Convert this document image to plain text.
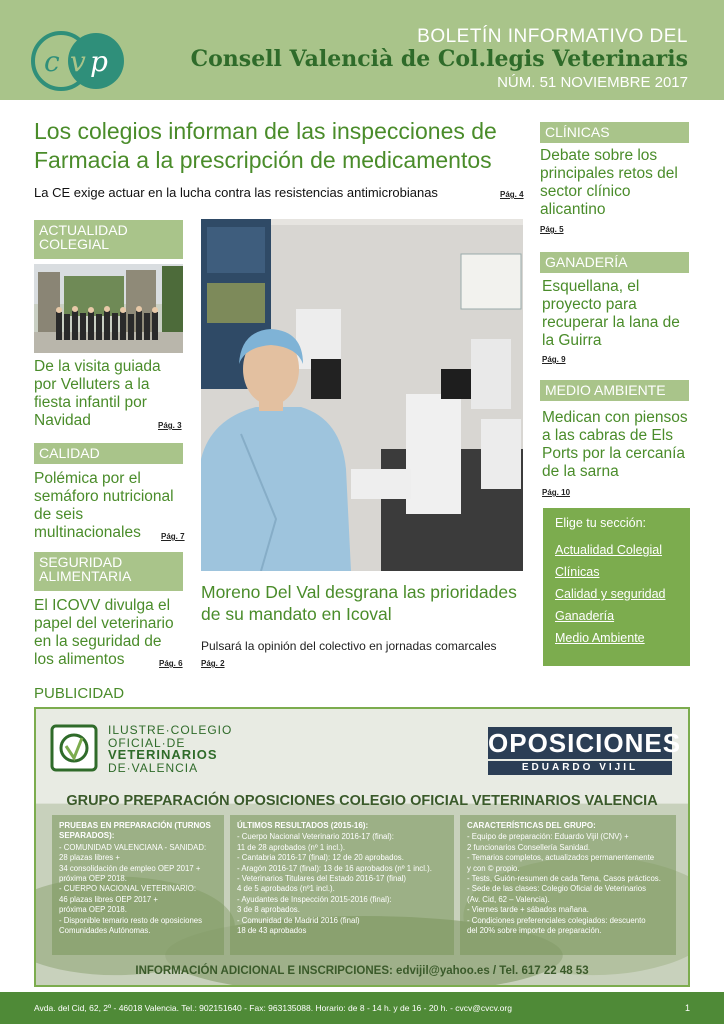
c v p
BOLETÍN INFORMATIVO DEL
Consell Valencià de Col.legis Veterinaris
NÚM. 51 NOVIEMBRE 2017
Los colegios informan de las inspecciones de Farmacia a la prescripción de medicamentos
La CE exige actuar en la lucha contra las resistencias antimicrobianas	Pág. 4
ACTUALIDAD COLEGIAL
De la visita guiada por Velluters a la fiesta infantil por Navidad	Pág. 3
CALIDAD
Polémica por el semáforo nutricional de seis multinacionales	Pág. 7
SEGURIDAD ALIMENTARIA
El ICOVV divulga el papel del veterinario en la seguridad de los alimentos	Pág. 6
Moreno Del Val desgrana las prioridades de su mandato en Icoval
Pulsará la opinión del colectivo en jornadas comarcales
Pág. 2
CLÍNICAS
Debate sobre los principales retos del sector clínico alicantino
Pág. 5
GANADERÍA
Esquellana, el proyecto para recuperar la lana de la Guirra
Pág. 9
MEDIO AMBIENTE
Medican con piensos a las cabras de Els Ports por la cercanía de la sarna
Pág. 10
Elige tu sección:
Actualidad Colegial
Clínicas
Calidad y seguridad
Ganadería
Medio Ambiente
PUBLICIDAD
ILUSTRE·COLEGIO
OFICIAL·DE
VETERINARIOS
DE·VALENCIA
OPOSICIONES
EDUARDO VIJIL
GRUPO PREPARACIÓN OPOSICIONES COLEGIO OFICIAL VETERINARIOS VALENCIA
PRUEBAS EN PREPARACIÓN (TURNOS SEPARADOS):
- COMUNIDAD VALENCIANA - SANIDAD:
28 plazas libres +
34 consolidación de empleo OEP 2017 +
próxima OEP 2018.
- CUERPO NACIONAL VETERINARIO:
46 plazas libres OEP 2017 +
próxima OEP 2018.
- Disponible temario resto de oposiciones
Comunidades Autónomas.
ÚLTIMOS RESULTADOS (2015-16):
- Cuerpo Nacional Veterinario 2016-17 (final):
11 de 28 aprobados (nº 1 incl.).
- Cantabria 2016-17 (final): 12 de 20 aprobados.
- Aragón 2016-17 (final): 13 de 16 aprobados (nº 1 incl.).
- Veterinarios Titulares del Estado 2016-17 (final)
4 de 5 aprobados (nº1 incl.).
- Ayudantes de Inspección 2015-2016 (final):
3 de 8 aprobados.
- Comunidad de Madrid 2016 (final)
18 de 43 aprobados
CARACTERÍSTICAS DEL GRUPO:
- Equipo de preparación: Eduardo Vijil (CNV) +
2 funcionarios Consellería Sanidad.
- Temarios completos, actualizados permanentemente
y con © propio.
- Tests, Guión-resumen de cada Tema, Casos prácticos.
- Sede de las clases: Colegio Oficial de Veterinarios
(Av. Cid, 62 – Valencia).
- Viernes tarde + sábados mañana.
- Condiciones preferenciales colegiados: descuento
del 20% sobre importe de preparación.
INFORMACIÓN ADICIONAL E INSCRIPCIONES: edvijil@yahoo.es / Tel. 617 22 48 53
Avda. del Cid, 62, 2º - 46018 Valencia. Tel.: 902151640 - Fax: 963135088. Horario: de 8 - 14 h. y de 16 - 20 h. - cvcv@cvcv.org	1
